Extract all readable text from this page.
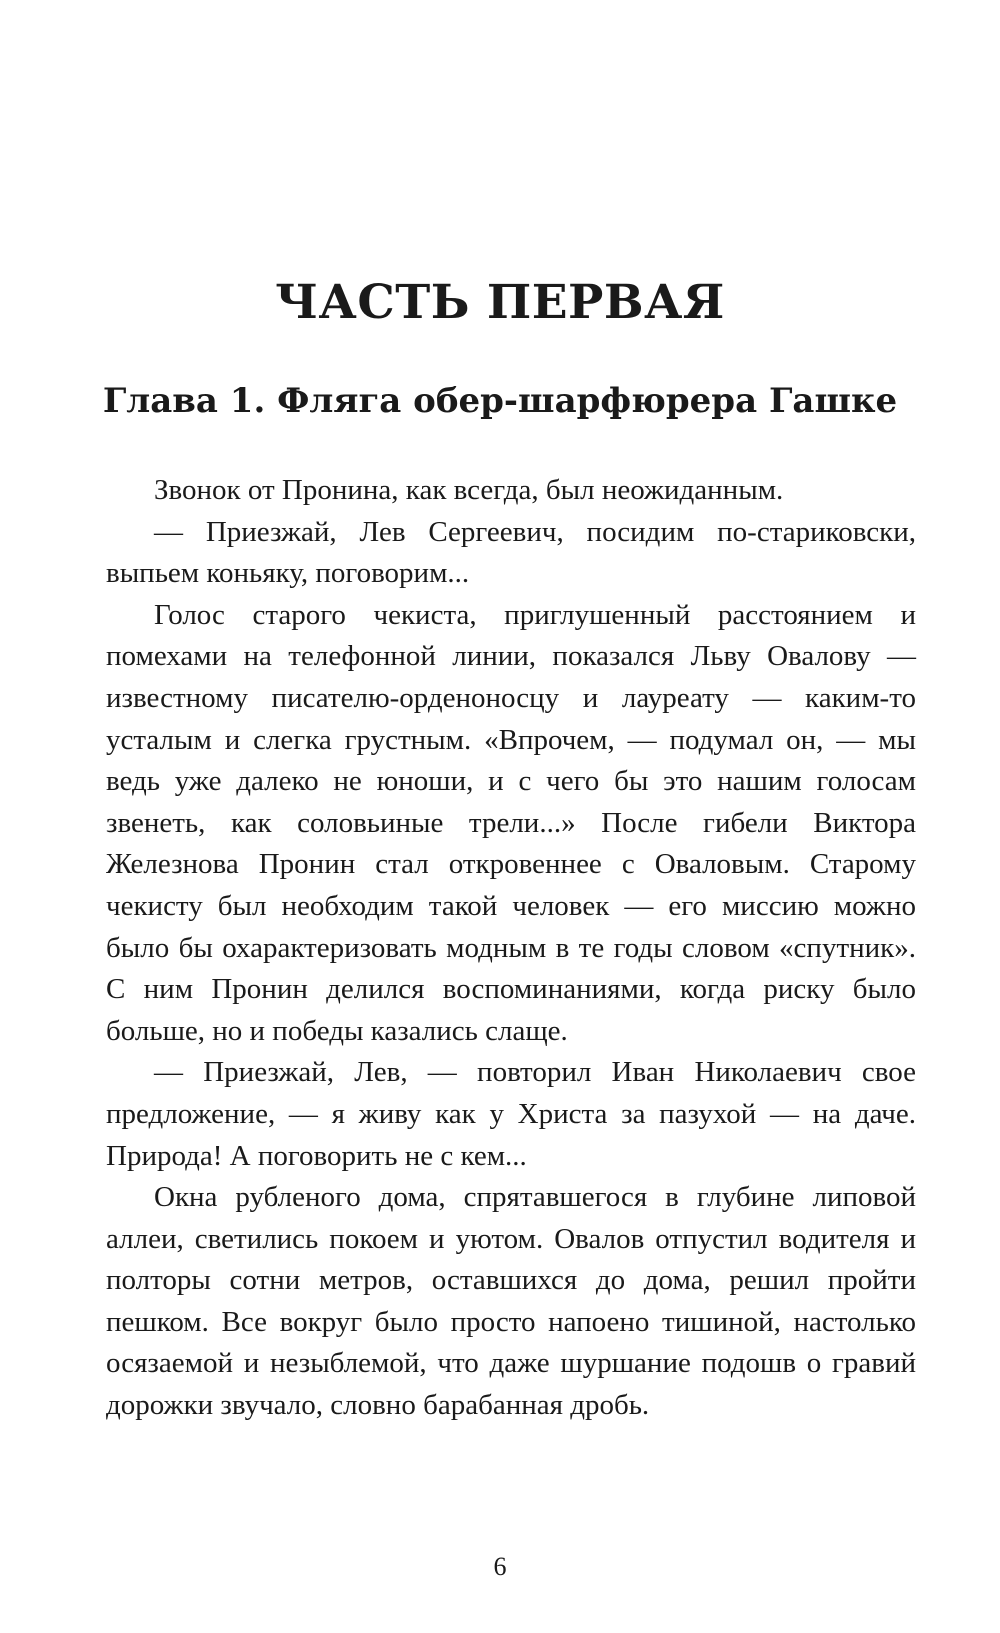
ЧАСТЬ ПЕРВАЯ
Глава 1. Фляга обер-шарфюрера Гашке

Звонок от Пронина, как всегда, был неожиданным.

— Приезжай, Лев Сергеевич, посидим по-стариковски, выпьем коньяку, поговорим...

Голос старого чекиста, приглушенный расстоянием и помехами на телефонной линии, показался Льву Овалову — известному писателю-орденоносцу и лауреату — каким-то усталым и слегка грустным. «Впрочем, — подумал он, — мы ведь уже далеко не юноши, и с чего бы это нашим голосам звенеть, как соловьиные трели...» После гибели Виктора Железнова Пронин стал откровеннее с Оваловым. Старому чекисту был необходим такой человек — его миссию можно было бы охарактеризовать модным в те годы словом «спутник». С ним Пронин делился воспоминаниями, когда риску было больше, но и победы казались слаще.

— Приезжай, Лев, — повторил Иван Николаевич свое предложение, — я живу как у Христа за пазухой — на даче. Природа! А поговорить не с кем...

Окна рубленого дома, спрятавшегося в глубине липовой аллеи, светились покоем и уютом. Овалов отпустил водителя и полторы сотни метров, оставшихся до дома, решил пройти пешком. Все вокруг было просто напоено тишиной, настолько осязаемой и незыблемой, что даже шуршание подошв о гравий дорожки звучало, словно барабанная дробь.

6
